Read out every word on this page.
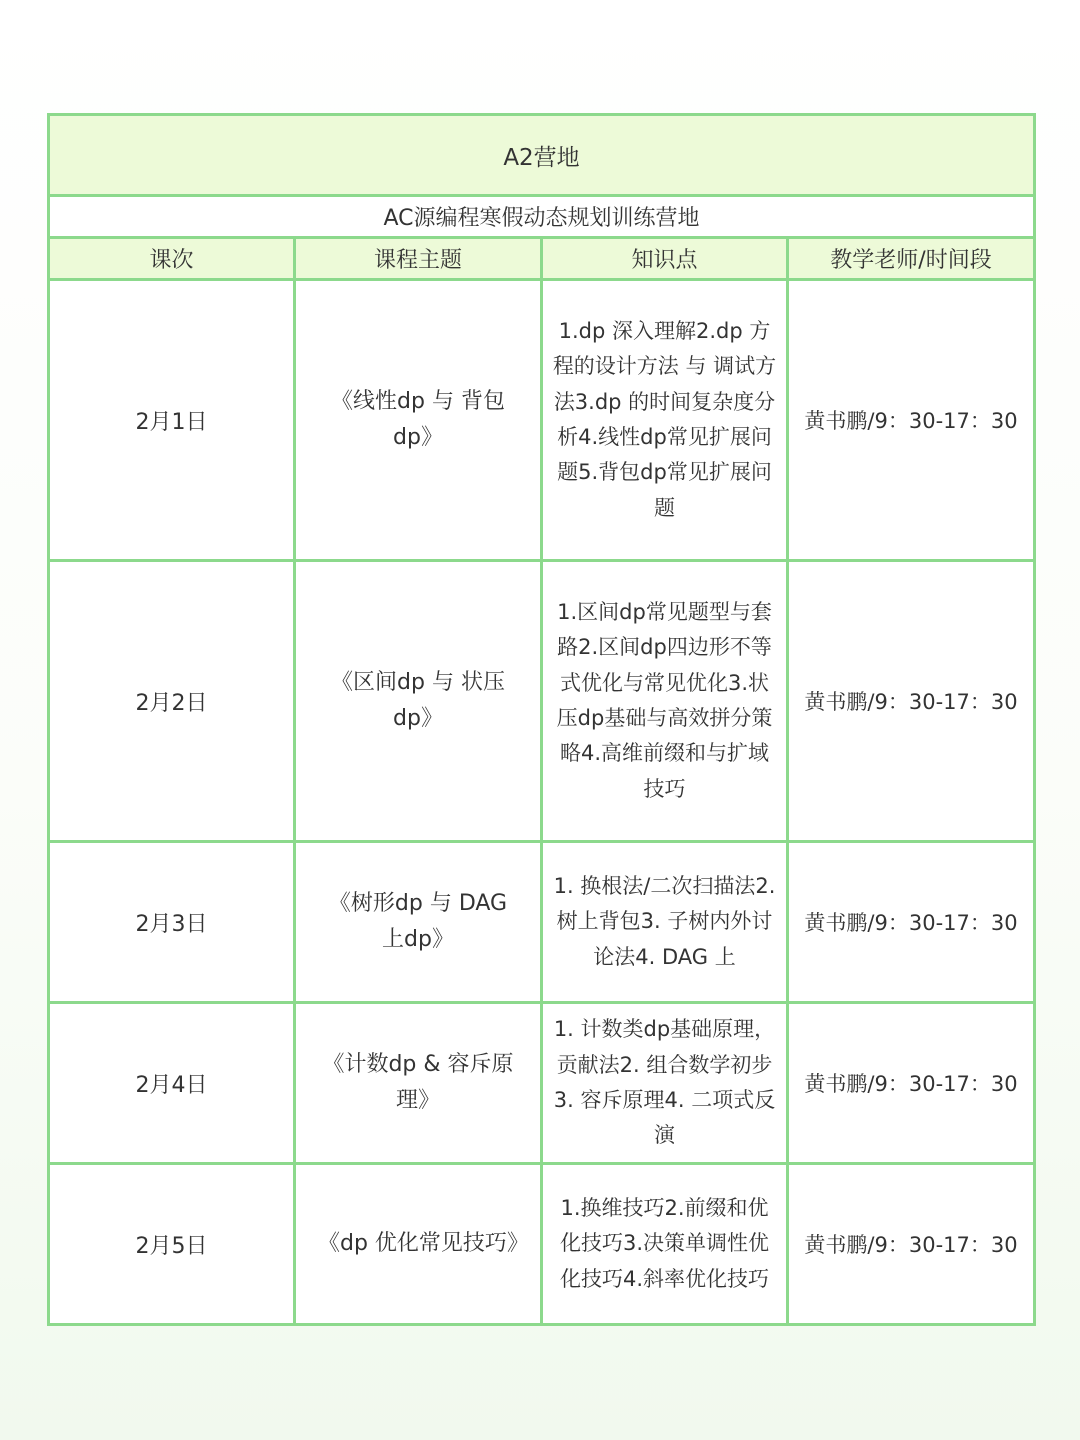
A2营地			
AC源编程寒假动态规划训练营地			
课次	课程主题	知识点	教学老师/时间段
2月1日	《线性dp 与 背包dp》	1.dp 深入理解2.dp 方程的设计方法 与 调试方法3.dp 的时间复杂度分析4.线性dp常见扩展问题5.背包dp常见扩展问题	黄书鹏/9：30-17：30
2月2日	《区间dp 与 状压dp》	1.区间dp常见题型与套路2.区间dp四边形不等式优化与常见优化3.状压dp基础与高效拼分策略4.高维前缀和与扩域技巧	黄书鹏/9：30-17：30
2月3日	《树形dp 与 DAG 上dp》	1. 换根法/二次扫描法2. 树上背包3. 子树内外讨论法4. DAG 上	黄书鹏/9：30-17：30
2月4日	《计数dp & 容斥原理》	1. 计数类dp基础原理，贡献法2. 组合数学初步3. 容斥原理4. 二项式反演	黄书鹏/9：30-17：30
2月5日	《dp 优化常见技巧》	1.换维技巧2.前缀和优化技巧3.决策单调性优化技巧4.斜率优化技巧	黄书鹏/9：30-17：30
